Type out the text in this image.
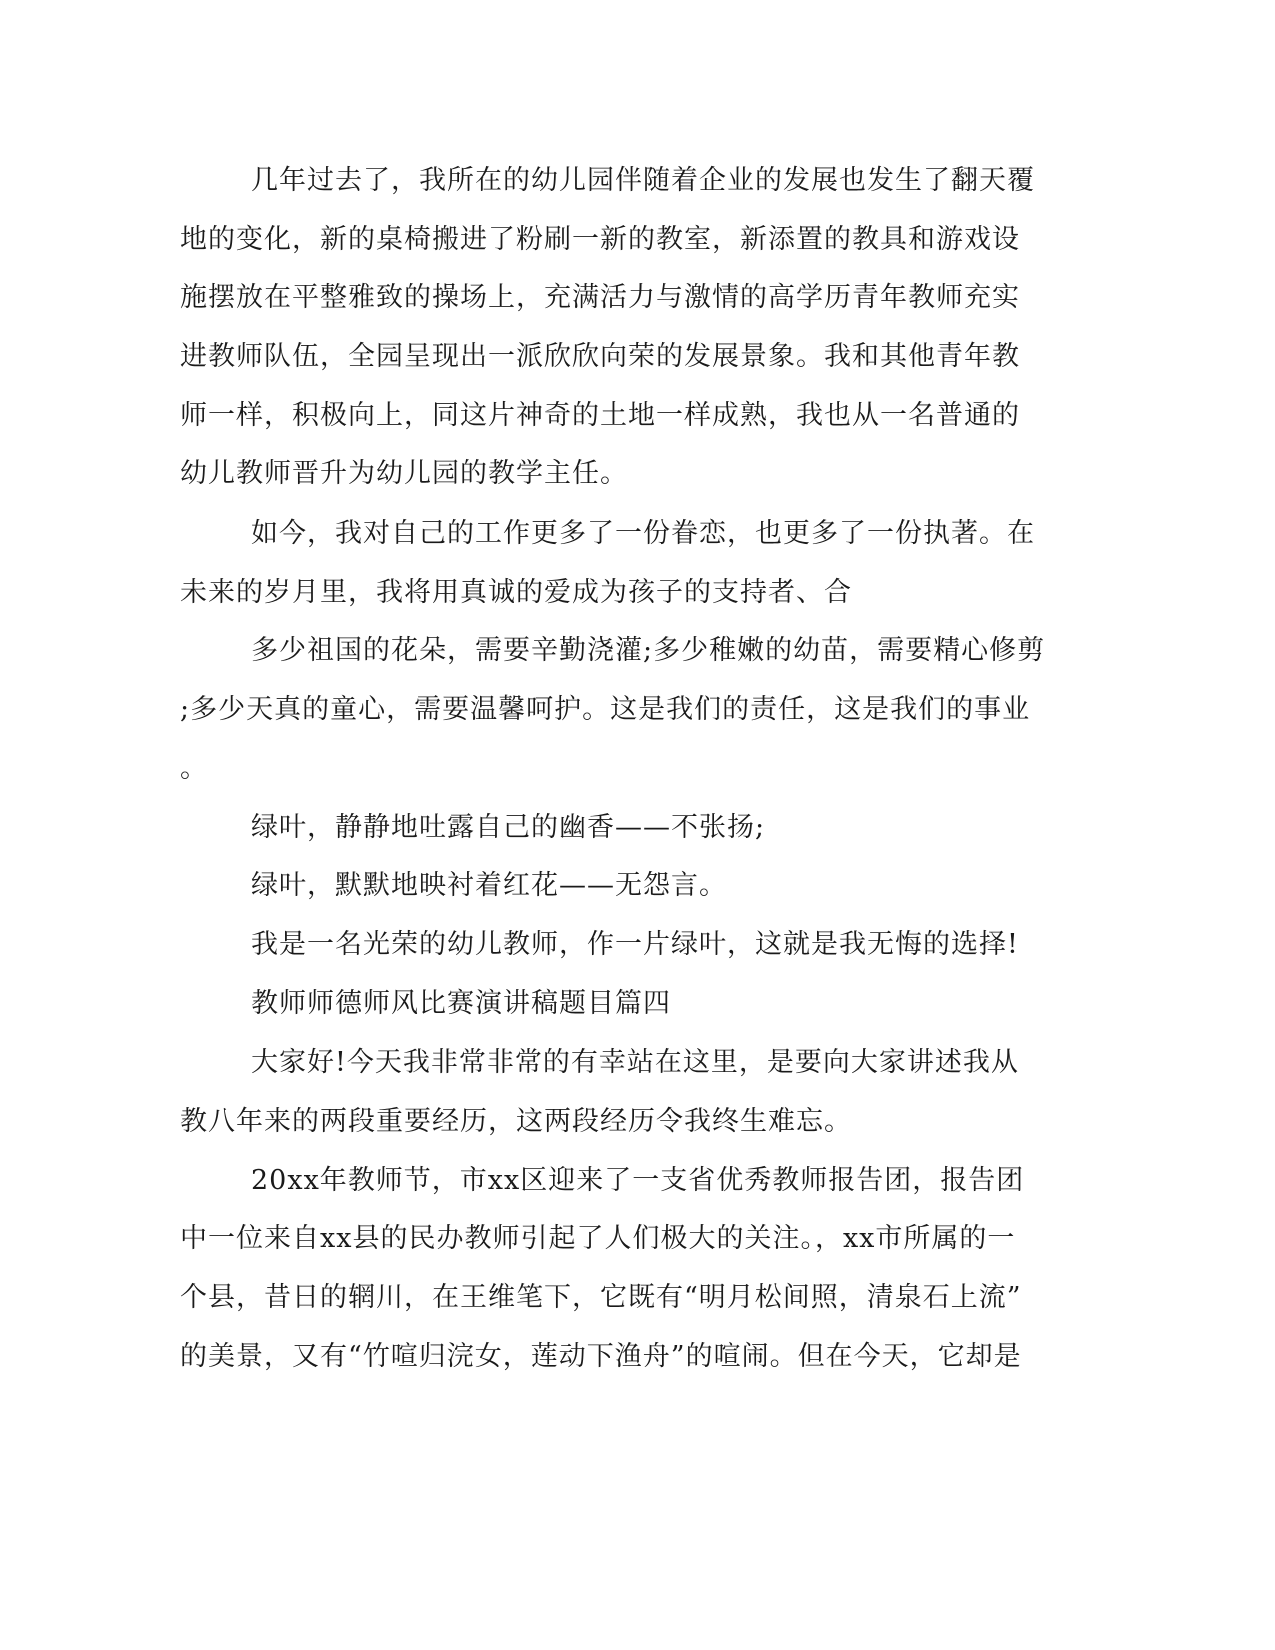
几年过去了，我所在的幼儿园伴随着企业的发展也发生了翻天覆
地的变化，新的桌椅搬进了粉刷一新的教室，新添置的教具和游戏设
施摆放在平整雅致的操场上，充满活力与激情的高学历青年教师充实
进教师队伍，全园呈现出一派欣欣向荣的发展景象。我和其他青年教
师一样，积极向上，同这片神奇的土地一样成熟，我也从一名普通的
幼儿教师晋升为幼儿园的教学主任。
如今，我对自己的工作更多了一份眷恋，也更多了一份执著。在
未来的岁月里，我将用真诚的爱成为孩子的支持者、合
多少祖国的花朵，需要辛勤浇灌;多少稚嫩的幼苗，需要精心修剪
;多少天真的童心，需要温馨呵护。这是我们的责任，这是我们的事业
。
绿叶，静静地吐露自己的幽香——不张扬;
绿叶，默默地映衬着红花——无怨言。
我是一名光荣的幼儿教师，作一片绿叶，这就是我无悔的选择!
教师师德师风比赛演讲稿题目篇四
大家好!今天我非常非常的有幸站在这里，是要向大家讲述我从
教八年来的两段重要经历，这两段经历令我终生难忘。
20xx年教师节，市xx区迎来了一支省优秀教师报告团，报告团
中一位来自xx县的民办教师引起了人们极大的关注。，xx市所属的一
个县，昔日的辋川，在王维笔下，它既有“明月松间照，清泉石上流”
的美景，又有“竹喧归浣女，莲动下渔舟”的喧闹。但在今天，它却是
